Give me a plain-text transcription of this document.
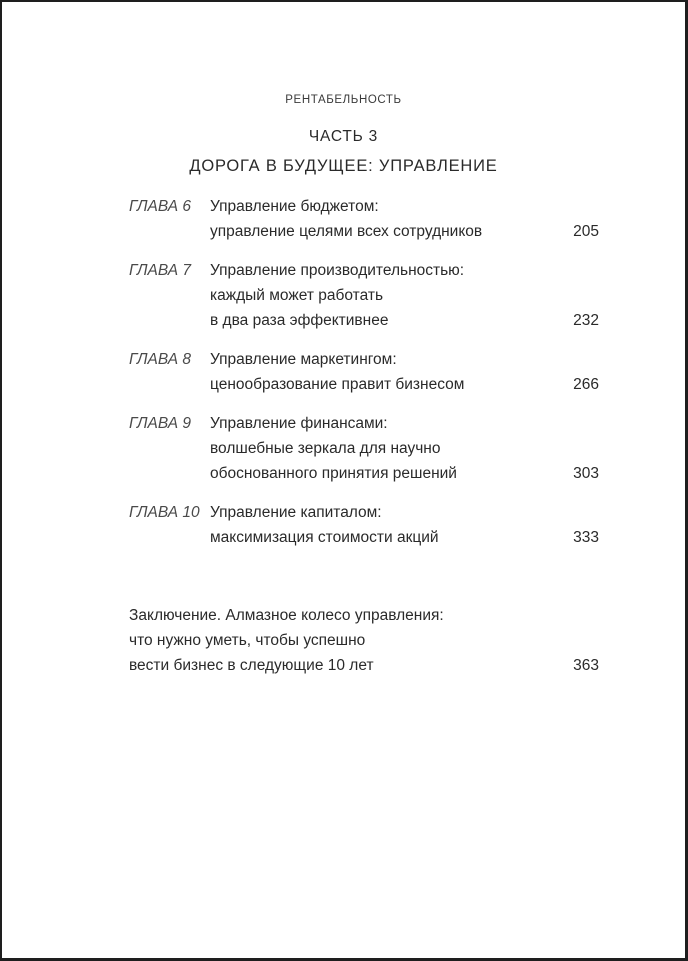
РЕНТАБЕЛЬНОСТЬ
ЧАСТЬ 3
ДОРОГА В БУДУЩЕЕ: УПРАВЛЕНИЕ
ГЛАВА 6 Управление бюджетом:
управление целями всех сотрудников	205
ГЛАВА 7 Управление производительностью:
каждый может работать
в два раза эффективнее	232
ГЛАВА 8 Управление маркетингом:
ценообразование правит бизнесом	266
ГЛАВА 9 Управление финансами:
волшебные зеркала для научно
обоснованного принятия решений	303
ГЛАВА 10 Управление капиталом:
максимизация стоимости акций	333
Заключение. Алмазное колесо управления:
что нужно уметь, чтобы успешно
вести бизнес в следующие 10 лет	363
